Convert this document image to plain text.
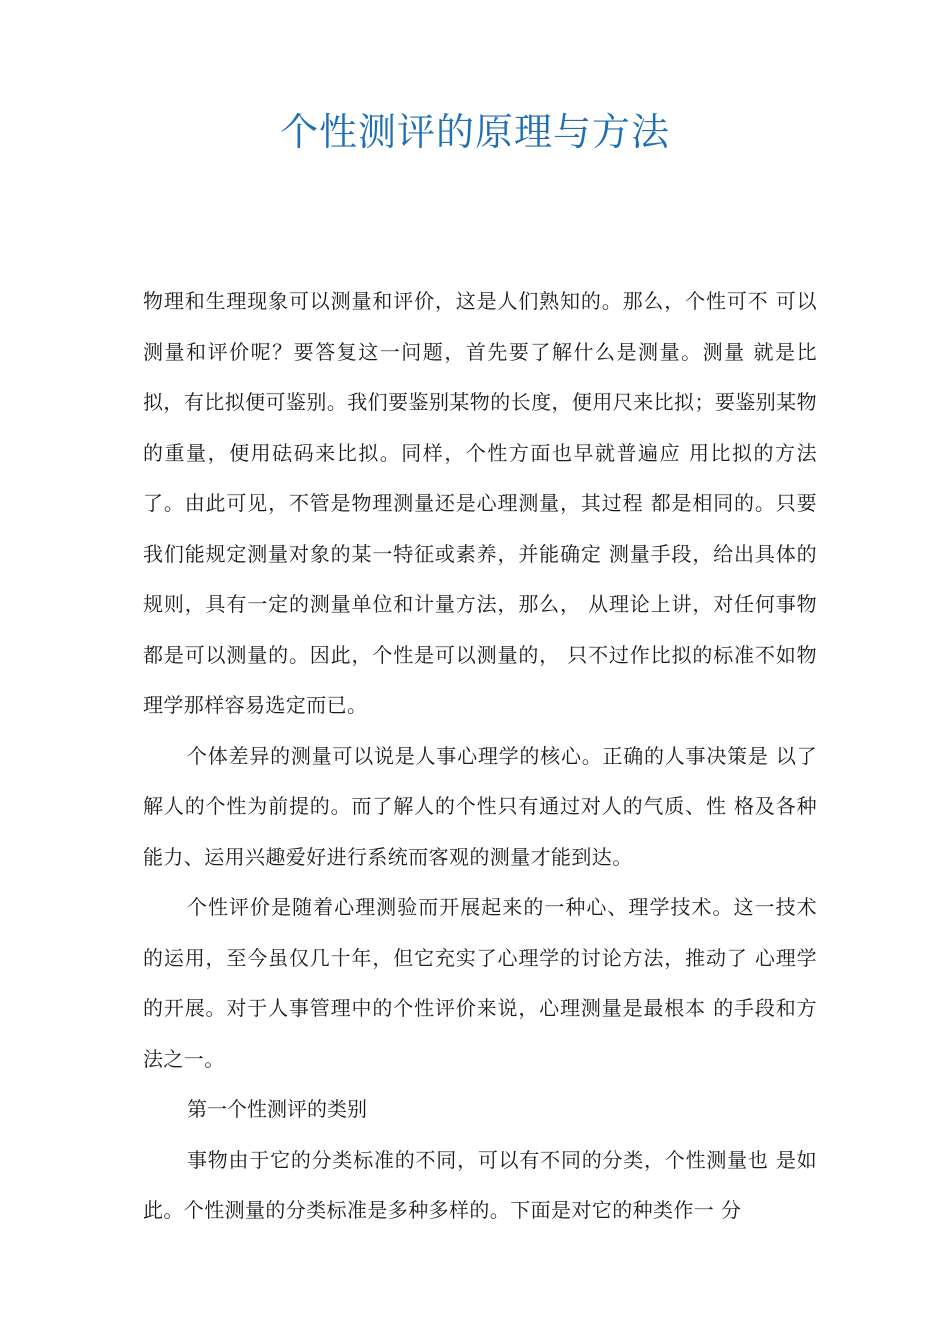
个性测评的原理与方法

物理和生理现象可以测量和评价，这是人们熟知的。那么，个性可不 可以测量和评价呢？要答复这一问题，首先要了解什么是测量。测量 就是比拟，有比拟便可鉴别。我们要鉴别某物的长度，便用尺来比拟；要鉴别某物的重量，便用砝码来比拟。同样，个性方面也早就普遍应 用比拟的方法了。由此可见，不管是物理测量还是心理测量，其过程 都是相同的。只要我们能规定测量对象的某一特征或素养，并能确定 测量手段，给出具体的规则，具有一定的测量单位和计量方法，那么， 从理论上讲，对任何事物都是可以测量的。因此，个性是可以测量的， 只不过作比拟的标准不如物理学那样容易选定而已。

个体差异的测量可以说是人事心理学的核心。正确的人事决策是 以了解人的个性为前提的。而了解人的个性只有通过对人的气质、性 格及各种能力、运用兴趣爱好进行系统而客观的测量才能到达。

个性评价是随着心理测验而开展起来的一种心、理学技术。这一技术的运用，至今虽仅几十年，但它充实了心理学的讨论方法，推动了 心理学的开展。对于人事管理中的个性评价来说，心理测量是最根本 的手段和方法之一。

第一个性测评的类别

事物由于它的分类标准的不同，可以有不同的分类，个性测量也 是如此。个性测量的分类标准是多种多样的。下面是对它的种类作一 分
